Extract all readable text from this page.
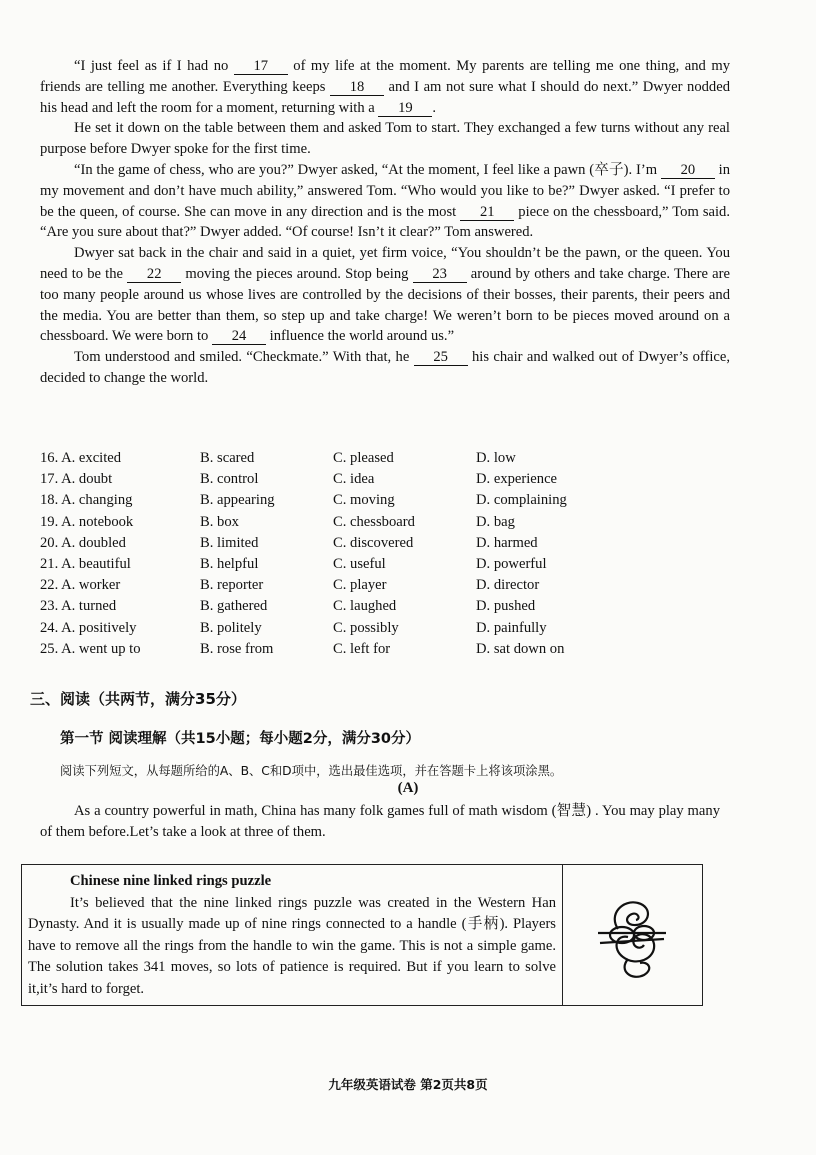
“I just feel as if I had no 17 of my life at the moment. My parents are telling me one thing, and my friends are telling me another. Everything keeps 18 and I am not sure what I should do next.” Dwyer nodded his head and left the room for a moment, returning with a 19 .

He set it down on the table between them and asked Tom to start. They exchanged a few turns without any real purpose before Dwyer spoke for the first time.

“In the game of chess, who are you?” Dwyer asked, “At the moment, I feel like a pawn (卒子). I’m 20 in my movement and don’t have much ability,” answered Tom. “Who would you like to be?” Dwyer asked. “I prefer to be the queen, of course. She can move in any direction and is the most 21 piece on the chessboard,” Tom said. “Are you sure about that?” Dwyer added. “Of course! Isn’t it clear?” Tom answered.

Dwyer sat back in the chair and said in a quiet, yet firm voice, “You shouldn’t be the pawn, or the queen. You need to be the 22 moving the pieces around. Stop being 23 around by others and take charge. There are too many people around us whose lives are controlled by the decisions of their bosses, their parents, their peers and the media. You are better than them, so step up and take charge! We weren’t born to be pieces moved around on a chessboard. We were born to 24 influence the world around us.”

Tom understood and smiled. “Checkmate.” With that, he 25 his chair and walked out of Dwyer’s office, decided to change the world.

16. A. excited	B. scared	C. pleased	D. low
17. A. doubt	B. control	C. idea	D. experience
18. A. changing	B. appearing	C. moving	D. complaining
19. A. notebook	B. box	C. chessboard	D. bag
20. A. doubled	B. limited	C. discovered	D. harmed
21. A. beautiful	B. helpful	C. useful	D. powerful
22. A. worker	B. reporter	C. player	D. director
23. A. turned	B. gathered	C. laughed	D. pushed
24. A. positively	B. politely	C. possibly	D. painfully
25. A. went up to	B. rose from	C. left for	D. sat down on
三、阅读（共两节，满分35分）
第一节 阅读理解（共15小题；每小题2分，满分30分）
阅读下列短文，从每题所给的A、B、C和D项中，选出最佳选项，并在答题卡上将该项涂黑。
(A)

As a country powerful in math, China has many folk games full of math wisdom (智慧) . You may play many of them before.Let’s take a look at three of them.

Chinese nine linked rings puzzle

It’s believed that the nine linked rings puzzle was created in the Western Han Dynasty. And it is usually made up of nine rings connected to a handle (手柄). Players have to remove all the rings from the handle to win the game. This is not a simple game. The solution takes 341 moves, so lots of patience is required. But if you learn to solve it,it’s hard to forget.

九年级英语试卷 第2页共8页
